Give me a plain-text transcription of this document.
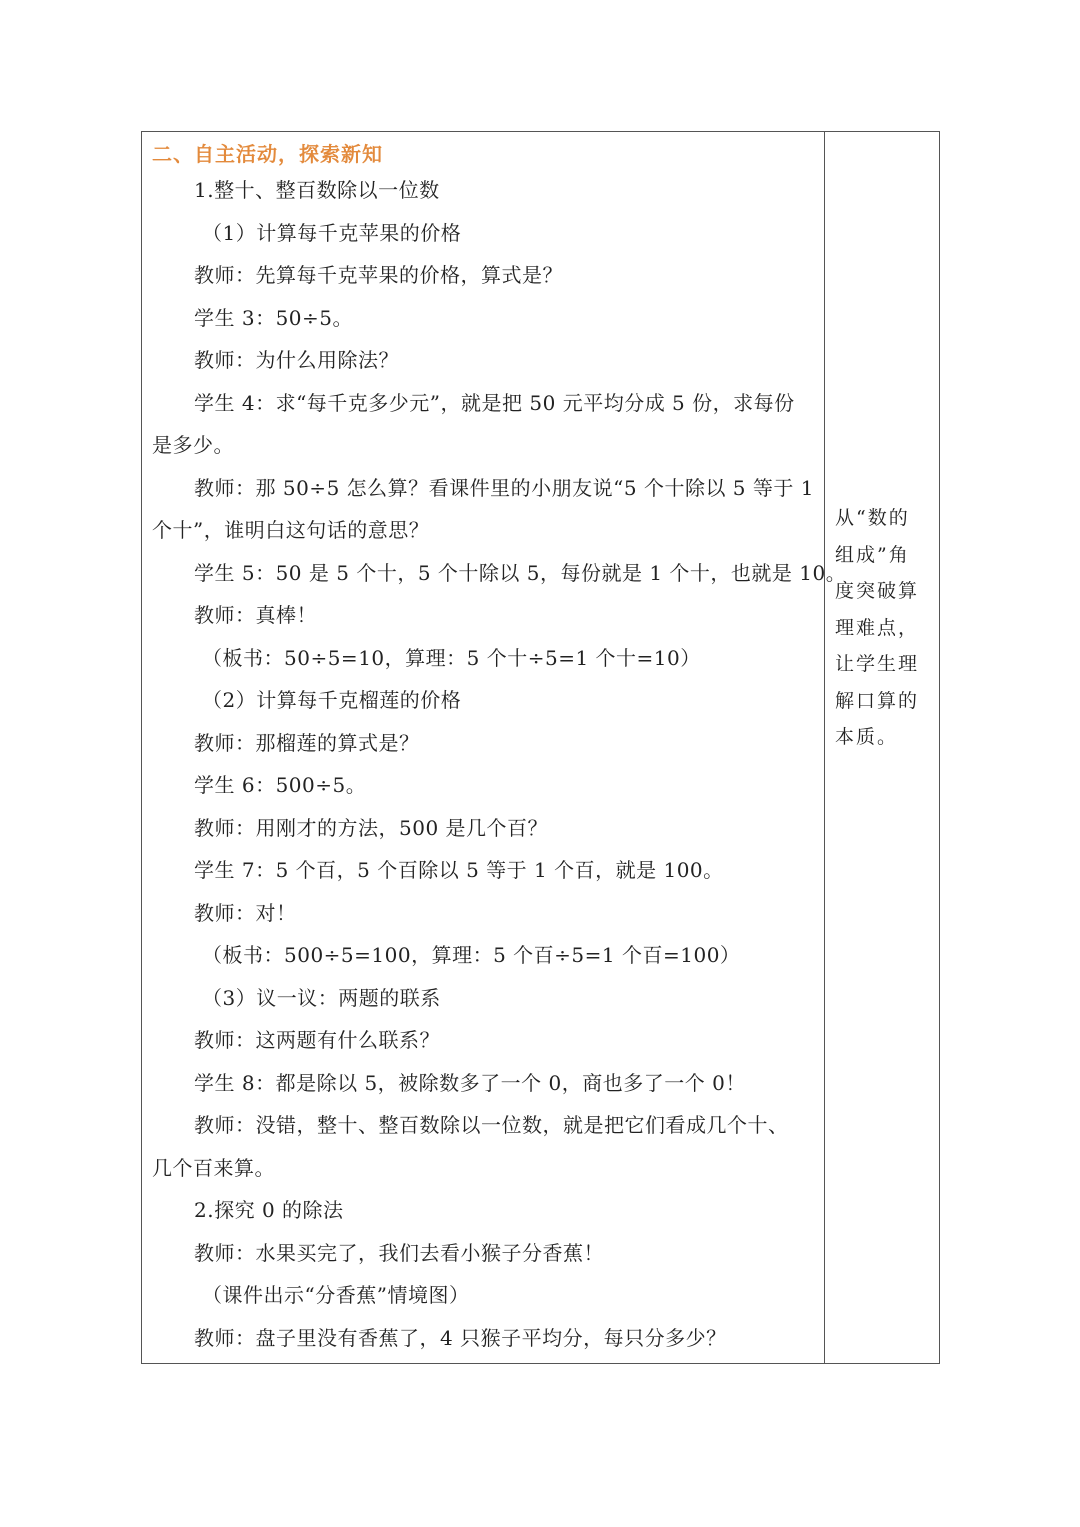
二、自主活动，探索新知
1.整十、整百数除以一位数
（1）计算每千克苹果的价格
教师：先算每千克苹果的价格，算式是？
学生 3：50÷5。
教师：为什么用除法？
学生 4：求“每千克多少元”，就是把 50 元平均分成 5 份，求每份
是多少。
教师：那 50÷5 怎么算？看课件里的小朋友说“5 个十除以 5 等于 1
个十”，谁明白这句话的意思？
学生 5：50 是 5 个十，5 个十除以 5，每份就是 1 个十，也就是 10。
教师：真棒！
（板书：50÷5=10，算理：5 个十÷5=1 个十=10）
（2）计算每千克榴莲的价格
教师：那榴莲的算式是？
学生 6：500÷5。
教师：用刚才的方法，500 是几个百？
学生 7：5 个百，5 个百除以 5 等于 1 个百，就是 100。
教师：对！
（板书：500÷5=100，算理：5 个百÷5=1 个百=100）
（3）议一议：两题的联系
教师：这两题有什么联系？
学生 8：都是除以 5，被除数多了一个 0，商也多了一个 0！
教师：没错，整十、整百数除以一位数，就是把它们看成几个十、
几个百来算。
2.探究 0 的除法
教师：水果买完了，我们去看小猴子分香蕉！
（课件出示“分香蕉”情境图）
教师：盘子里没有香蕉了，4 只猴子平均分，每只分多少？
从“数的组成”角度突破算理难点，让学生理解口算的本质。
